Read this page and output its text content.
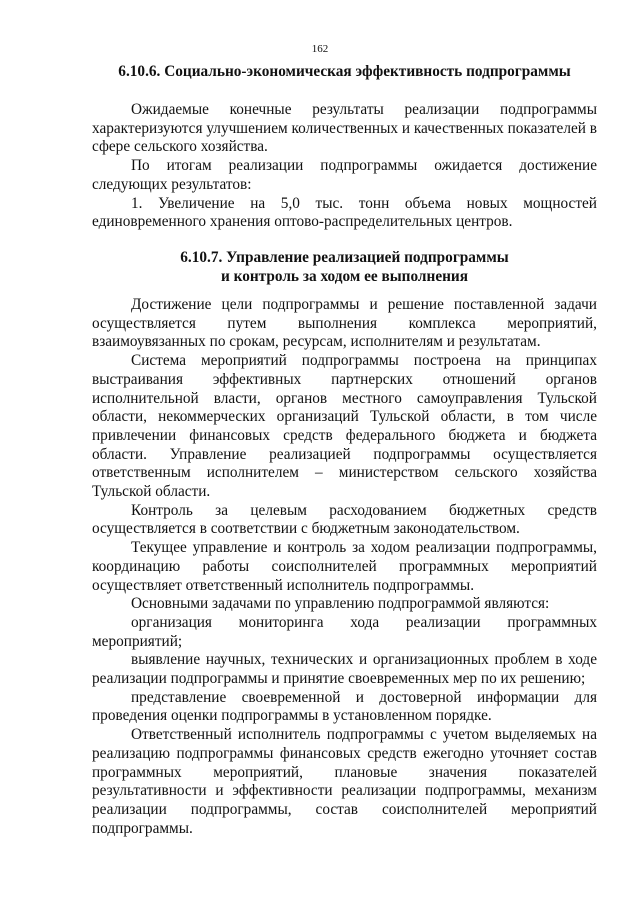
162
6.10.6. Социально-экономическая эффективность подпрограммы

Ожидаемые конечные результаты реализации подпрограммы характеризуются улучшением количественных и качественных показателей в сфере сельского хозяйства.

По итогам реализации подпрограммы ожидается достижение следующих результатов:

1. Увеличение на 5,0 тыс. тонн объема новых мощностей единовременного хранения оптово-распределительных центров.

6.10.7. Управление реализацией подпрограммы
и контроль за ходом ее выполнения

Достижение цели подпрограммы и решение поставленной задачи осуществляется путем выполнения комплекса мероприятий, взаимоувязанных по срокам, ресурсам, исполнителям и результатам.

Система мероприятий подпрограммы построена на принципах выстраивания эффективных партнерских отношений органов исполнительной власти, органов местного самоуправления Тульской области, некоммерческих организаций Тульской области, в том числе привлечении финансовых средств федерального бюджета и бюджета области. Управление реализацией подпрограммы осуществляется ответственным исполнителем – министерством сельского хозяйства Тульской области.

Контроль за целевым расходованием бюджетных средств осуществляется в соответствии с бюджетным законодательством.

Текущее управление и контроль за ходом реализации подпрограммы, координацию работы соисполнителей программных мероприятий осуществляет ответственный исполнитель подпрограммы.

Основными задачами по управлению подпрограммой являются:

организация мониторинга хода реализации программных мероприятий;

выявление научных, технических и организационных проблем в ходе реализации подпрограммы и принятие своевременных мер по их решению;

представление своевременной и достоверной информации для проведения оценки подпрограммы в установленном порядке.

Ответственный исполнитель подпрограммы с учетом выделяемых на реализацию подпрограммы финансовых средств ежегодно уточняет состав программных мероприятий, плановые значения показателей результативности и эффективности реализации подпрограммы, механизм реализации подпрограммы, состав соисполнителей мероприятий подпрограммы.
